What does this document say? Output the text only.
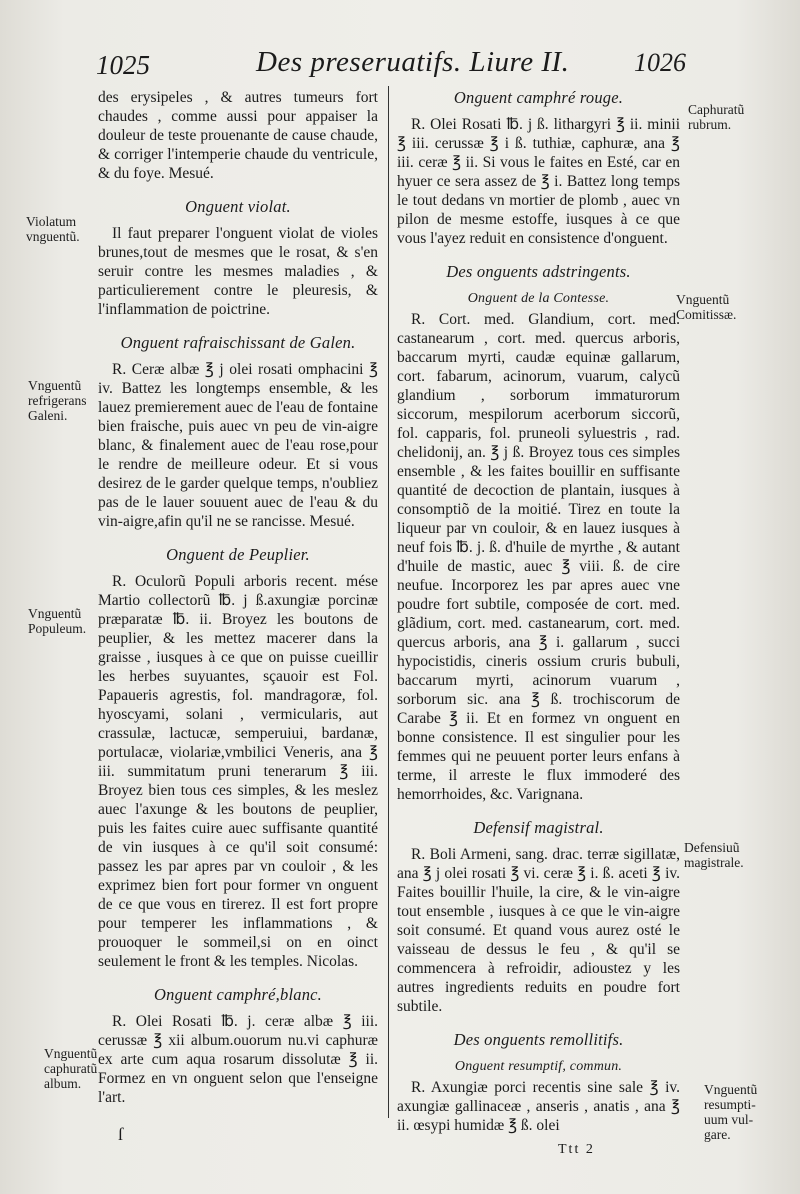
1025	Des preseruatifs. Liure II. 1026

des erysipeles , & autres tumeurs fort chaudes , comme aussi pour appaiser la douleur de teste prouenante de cause chaude, & corriger l'intemperie chaude du ventricule, & du foye. Mesué.

Onguent violat.

Il faut preparer l'onguent violat de violes brunes,tout de mesmes que le rosat, & s'en seruir contre les mesmes maladies , & particulierement contre le pleuresis, & l'inflammation de poictrine.

Onguent rafraischissant de Galen.

R. Ceræ albæ ℥ j olei rosati omphacini ℥ iv. Battez les longtemps ensemble, & les lauez premierement auec de l'eau de fontaine bien fraische, puis auec vn peu de vin-aigre blanc, & finalement auec de l'eau rose,pour le rendre de meilleure odeur. Et si vous desirez de le garder quelque temps, n'oubliez pas de le lauer souuent auec de l'eau & du vin-aigre,afin qu'il ne se rancisse. Mesué.

Onguent de Peuplier.

R. Oculorũ Populi arboris recent. mése Martio collectorũ ℔. j ß.axungiæ porcinæ præparatæ ℔. ii. Broyez les boutons de peuplier, & les mettez macerer dans la graisse , iusques à ce que on puisse cueillir les herbes suyuantes, sçauoir est Fol. Papaueris agrestis, fol. mandragoræ, fol. hyoscyami, solani , vermicularis, aut crassulæ, lactucæ, semperuiui, bardanæ, portulacæ, violariæ,vmbilici Veneris, ana ℥ iii. summitatum pruni tenerarum ℥ iii. Broyez bien tous ces simples, & les meslez auec l'axunge & les boutons de peuplier, puis les faites cuire auec suffisante quantité de vin iusques à ce qu'il soit consumé: passez les par apres par vn couloir , & les exprimez bien fort pour former vn onguent de ce que vous en tirerez. Il est fort propre pour temperer les inflammations , & prouoquer le sommeil,si on en oinct seulement le front & les temples. Nicolas.

Onguent camphré,blanc.

R. Olei Rosati ℔. j. ceræ albæ ℥ iii. cerussæ ℥ xii album.ouorum nu.vi caphuræ ex arte cum aqua rosarum dissolutæ ℥ ii. Formez en vn onguent selon que l'enseigne l'art.

Onguent camphré rouge.

R. Olei Rosati ℔. j ß. lithargyri ℥ ii. minii ℥ iii. cerussæ ℥ i ß. tuthiæ, caphuræ, ana ℥ iii. ceræ ℥ ii. Si vous le faites en Esté, car en hyuer ce sera assez de ℥ i. Battez long temps le tout dedans vn mortier de plomb , auec vn pilon de mesme estoffe, iusques à ce que vous l'ayez reduit en consistence d'onguent.

Des onguents adstringents.
Onguent de la Contesse.

R. Cort. med. Glandium, cort. med. castanearum , cort. med. quercus arboris, baccarum myrti, caudæ equinæ gallarum, cort. fabarum, acinorum, vuarum, calycũ glandium , sorborum immaturorum siccorum, mespilorum acerborum siccorũ, fol. capparis, fol. pruneoli syluestris , rad. chelidonij, an. ℥ j ß. Broyez tous ces simples ensemble , & les faites bouillir en suffisante quantité de decoction de plantain, iusques à consomptiõ de la moitié. Tirez en toute la liqueur par vn couloir, & en lauez iusques à neuf fois ℔. j. ß. d'huile de myrthe , & autant d'huile de mastic, auec ℥ viii. ß. de cire neufue. Incorporez les par apres auec vne poudre fort subtile, composée de cort. med. glãdium, cort. med. castanearum, cort. med. quercus arboris, ana ℥ i. gallarum , succi hypocistidis, cineris ossium cruris bubuli, baccarum myrti, acinorum vuarum , sorborum sic. ana ℥ ß. trochiscorum de Carabe ℥ ii. Et en formez vn onguent en bonne consistence. Il est singulier pour les femmes qui ne peuuent porter leurs enfans à terme, il arreste le flux immoderé des hemorrhoides, &c. Varignana.

Defensif magistral.

R. Boli Armeni, sang. drac. terræ sigillatæ, ana ℥ j olei rosati ℥ vi. ceræ ℥ i. ß. aceti ℥ iv. Faites bouillir l'huile, la cire, & le vin-aigre tout ensemble , iusques à ce que le vin-aigre soit consumé. Et quand vous aurez osté le vaisseau de dessus le feu , & qu'il se commencera à refroidir, adioustez y les autres ingredients reduits en poudre fort subtile.

Des onguents remollitifs.
Onguent resumptif, commun.

R. Axungiæ porci recentis sine sale ℥ iv. axungiæ gallinaceæ , anseris , anatis , ana ℥ ii. œsypi humidæ ℥ ß. olei

Violatum
vnguentũ.
Vnguentũ
refrigerans
Galeni.
Vnguentũ
Populeum.
Vnguentũ
caphuratũ
album.
Caphuratũ
rubrum.
Vnguentũ
Comitissæ.
Defensiuũ
magistrale.
Vnguentũ
resumpti-
uum vul-
gare.
ſ
Ttt 2
